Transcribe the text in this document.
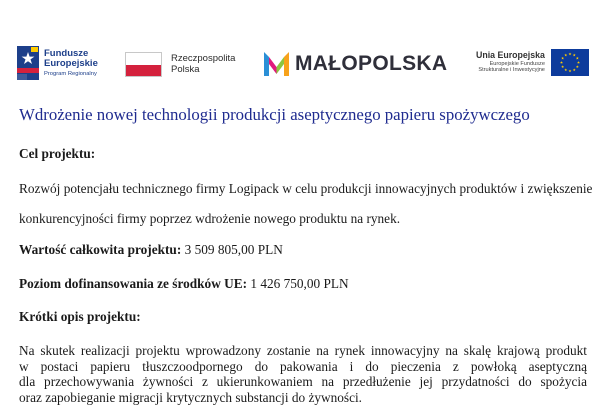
Fundusze
Europejskie
Program Regionalny
Rzeczpospolita
Polska	MAŁOPOLSKA	Unia Europejska
Europejskie Fundusze
Strukturalne i Inwestycyjne
Wdrożenie nowej technologii produkcji aseptycznego papieru spożywczego
Cel projektu:
Rozwój potencjału technicznego firmy Logipack w celu produkcji innowacyjnych produktów i zwiększenie
konkurencyjności firmy poprzez wdrożenie nowego produktu na rynek.
Wartość całkowita projektu: 3 509 805,00 PLN
Poziom dofinansowania ze środków UE: 1 426 750,00 PLN
Krótki opis projektu:
Na skutek realizacji projektu wprowadzony zostanie na rynek innowacyjny na skalę krajową produkt
w postaci papieru tłuszczoodpornego do pakowania i do pieczenia z powłoką aseptyczną
dla przechowywania żywności z ukierunkowaniem na przedłużenie jej przydatności do spożycia
oraz zapobieganie migracji krytycznych substancji do żywności.
